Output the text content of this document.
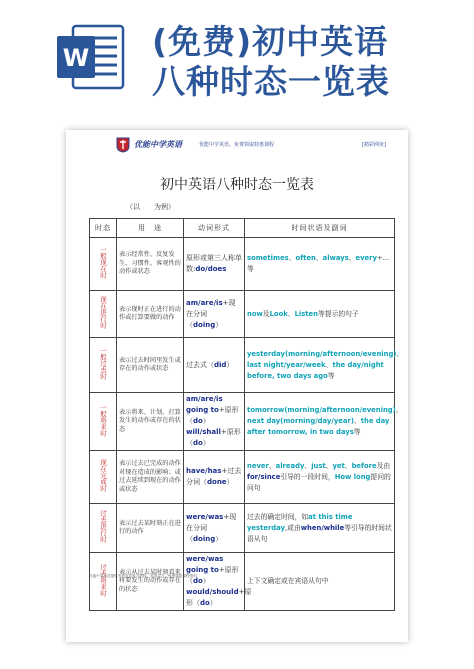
W (免费)初中英语
八种时态一览表
优能中学英语	优能中学英语，免费领取特惠课程	[精彩网址]
初中英语八种时态一览表
（以　　为例）
时态	用　途	动词形式	时间状语及副词
一般现在时	表示经常性、反复发生、习惯性、客观性的动作或状态	原形或第三人称单数:do/does	sometimes、often、always、every+...等

现在进行时	表示现时正在进行的动作或打算要做的动作	am/are/is+现在分词（doing）	now及Look、Listen等提示的句子

一般过去时	表示过去时间里发生或存在的动作或状态	过去式（did）	yesterday(morning/afternoon/evening)、last night/year/week、the day/night before, two days ago等

一般将来时	表示将来、计划、打算发生的动作或存在的状态	am/are/is going to+原形（do）will/shall+原形（do）	tomorrow(morning/afternoon/evening)、next day(morning/day/year)、the day after tomorrow, in two days等

现在完成时	表示过去已完成的动作对现在造成的影响；或过去延续到现在的动作或状态	have/has+过去分词（done）	never、already、just、yet、before及由for/since引导的一段时间，How long提问的问句

过去进行时	表示过去某时刻正在进行的动作	were/was+现在分词（doing）	过去的确定时间，如at this time yesterday,或由when/while等引导的时间状语从句

过去将来时	表示从过去某时刻看来将要发生的动作或存在的状态	were/was going to+原形（do）would/should+原形（do）	上下文确定或在宾语从句中
优能中学英语提供中考英语复习资料，英语学习，免费领取课程资料
